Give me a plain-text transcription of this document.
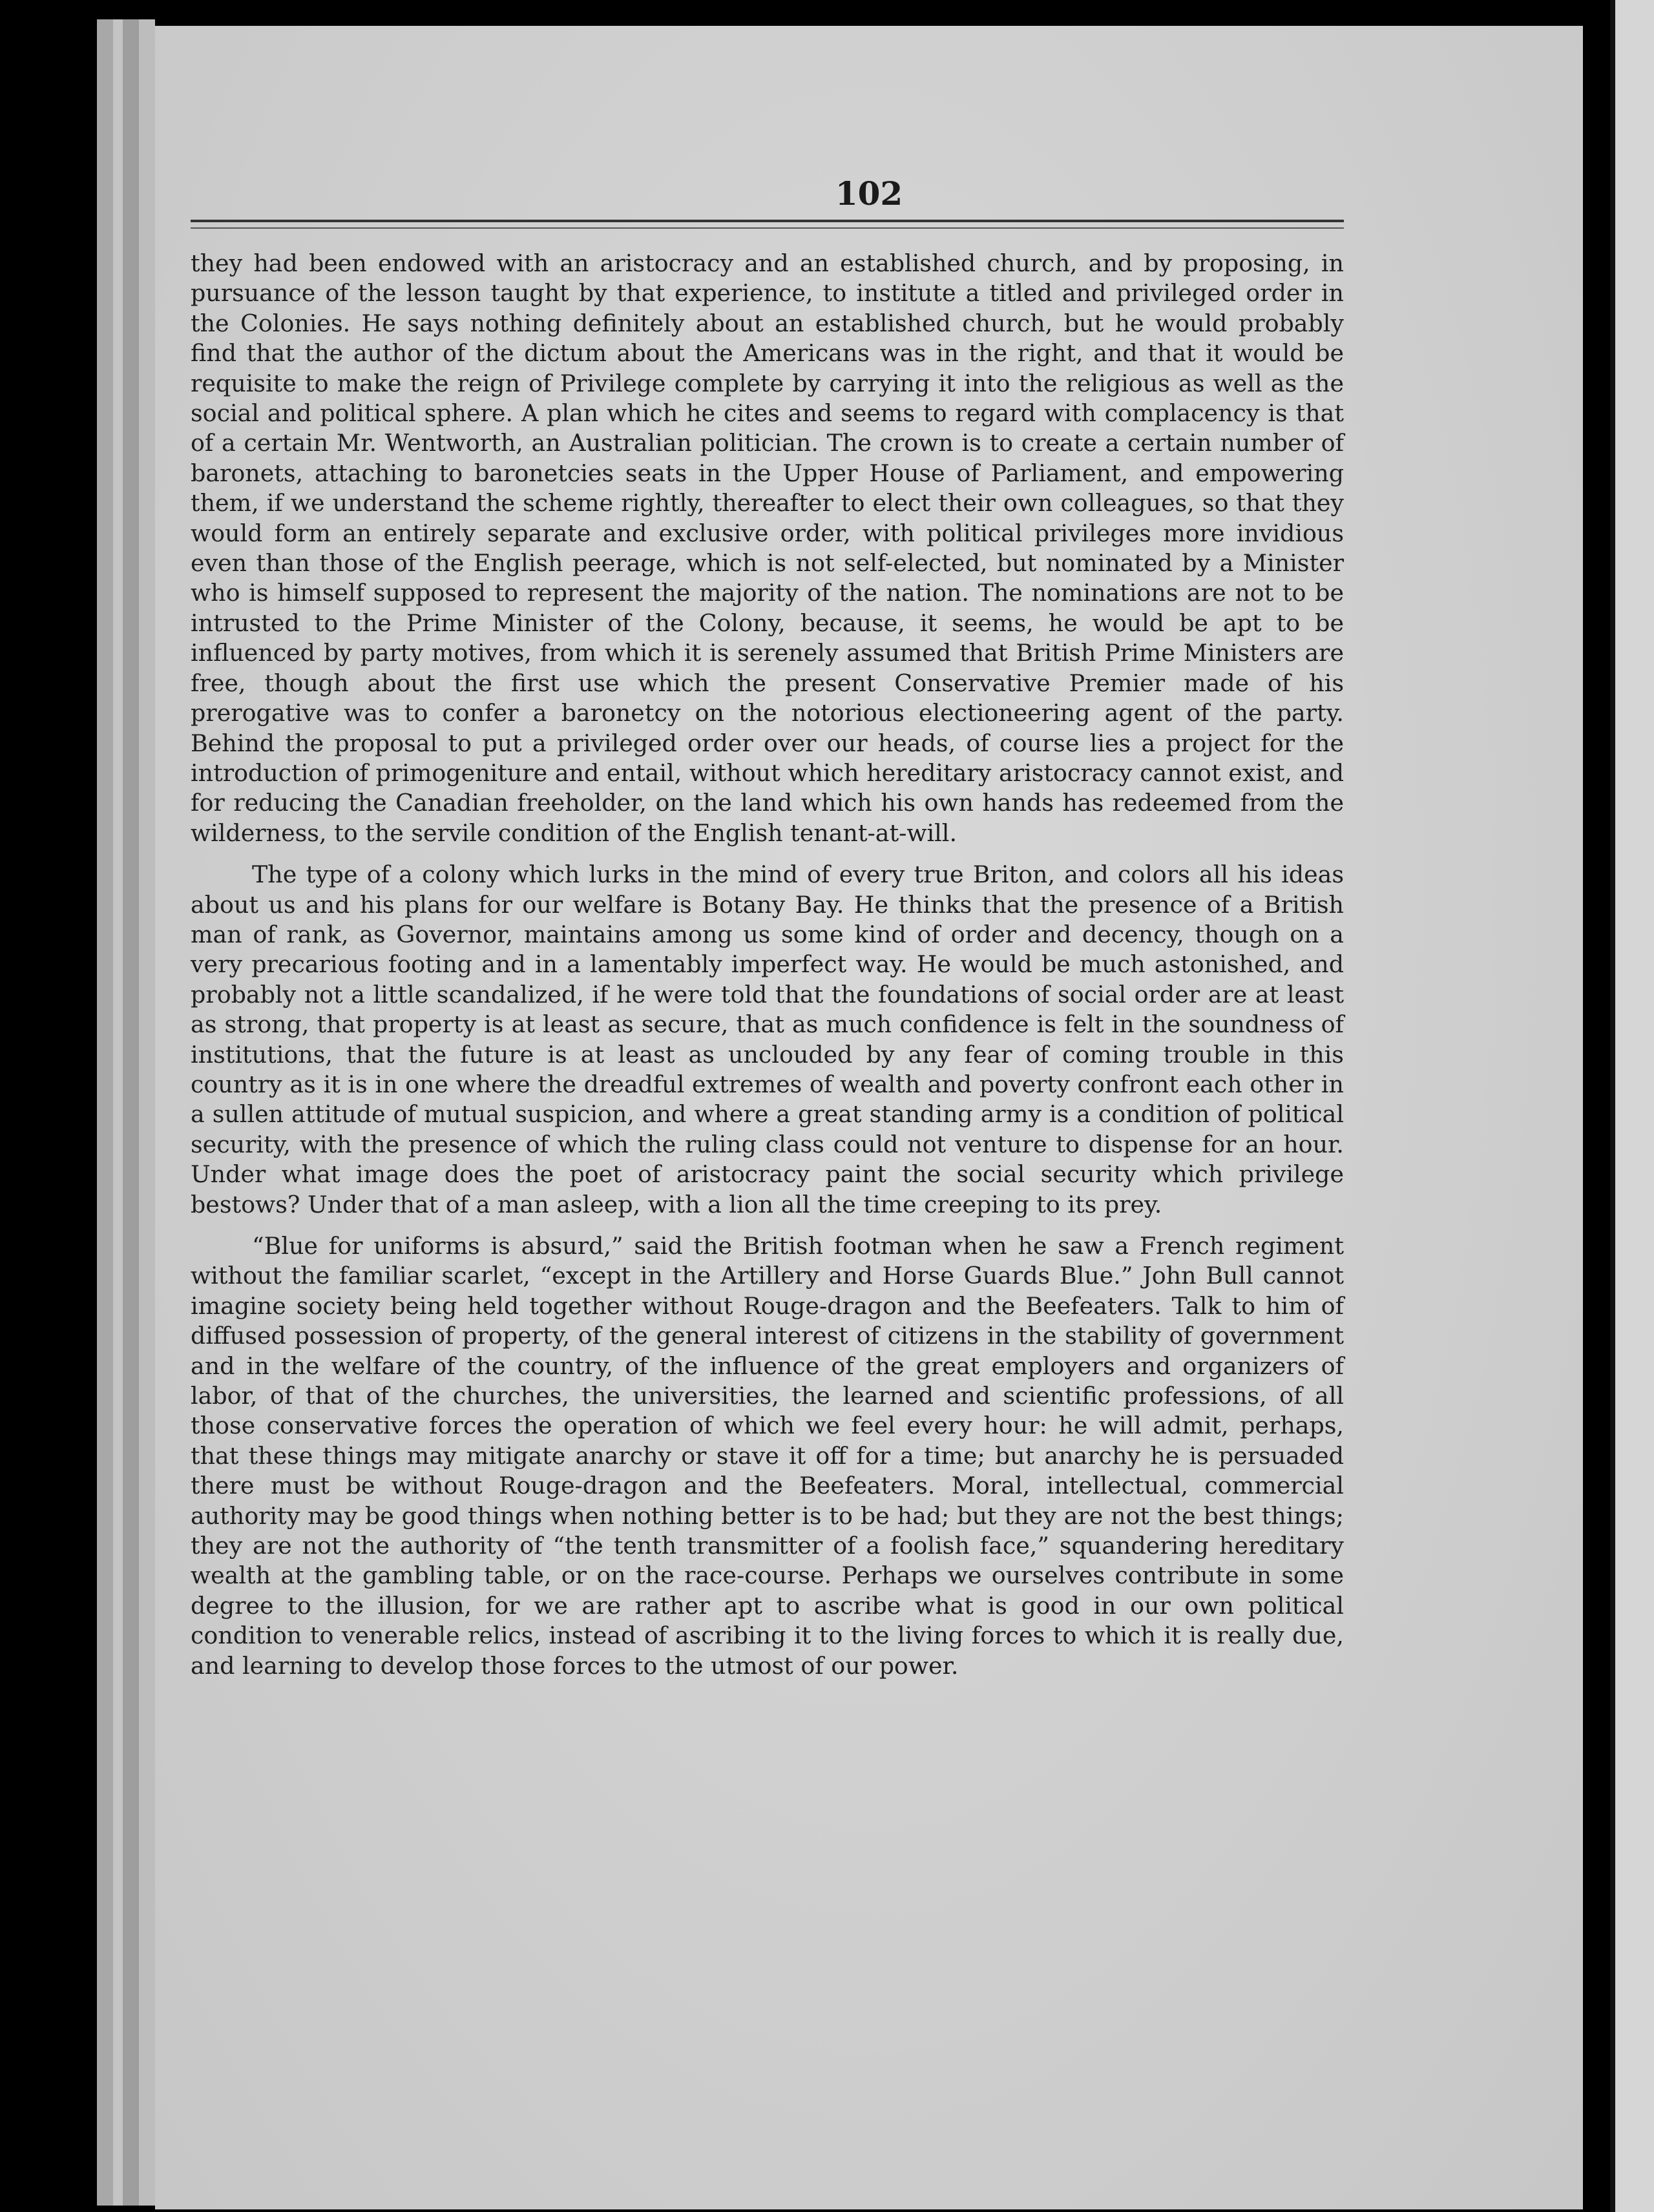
102

they had been endowed with an aristocracy and an established church, and by proposing, in pursuance of the lesson taught by that experience, to institute a titled and privileged order in the Colonies. He says nothing definitely about an established church, but he would probably find that the author of the dictum about the Americans was in the right, and that it would be requisite to make the reign of Privilege complete by carrying it into the religious as well as the social and political sphere. A plan which he cites and seems to regard with complacency is that of a certain Mr. Wentworth, an Australian politician. The crown is to create a certain number of baronets, attaching to baronetcies seats in the Upper House of Parliament, and empowering them, if we understand the scheme rightly, thereafter to elect their own colleagues, so that they would form an entirely separate and exclusive order, with political privileges more invidious even than those of the English peerage, which is not self-elected, but nominated by a Minister who is himself supposed to represent the majority of the nation. The nominations are not to be intrusted to the Prime Minister of the Colony, because, it seems, he would be apt to be influenced by party motives, from which it is serenely assumed that British Prime Ministers are free, though about the first use which the present Conservative Premier made of his prerogative was to confer a baronetcy on the notorious electioneering agent of the party. Behind the proposal to put a privileged order over our heads, of course lies a project for the introduction of primogeniture and entail, without which hereditary aristocracy cannot exist, and for reducing the Canadian freeholder, on the land which his own hands has redeemed from the wilderness, to the servile condition of the English tenant-at-will.

The type of a colony which lurks in the mind of every true Briton, and colors all his ideas about us and his plans for our welfare is Botany Bay. He thinks that the presence of a British man of rank, as Governor, maintains among us some kind of order and decency, though on a very precarious footing and in a lamentably imperfect way. He would be much astonished, and probably not a little scandalized, if he were told that the foundations of social order are at least as strong, that property is at least as secure, that as much confidence is felt in the soundness of institutions, that the future is at least as unclouded by any fear of coming trouble in this country as it is in one where the dreadful extremes of wealth and poverty confront each other in a sullen attitude of mutual suspicion, and where a great standing army is a condition of political security, with the presence of which the ruling class could not venture to dispense for an hour. Under what image does the poet of aristocracy paint the social security which privilege bestows? Under that of a man asleep, with a lion all the time creeping to its prey.

“Blue for uniforms is absurd,” said the British footman when he saw a French regiment without the familiar scarlet, “except in the Artillery and Horse Guards Blue.” John Bull cannot imagine society being held together without Rouge-dragon and the Beefeaters. Talk to him of diffused possession of property, of the general interest of citizens in the stability of government and in the welfare of the country, of the influence of the great employers and organizers of labor, of that of the churches, the universities, the learned and scientific professions, of all those conservative forces the operation of which we feel every hour: he will admit, perhaps, that these things may mitigate anarchy or stave it off for a time; but anarchy he is persuaded there must be without Rouge-dragon and the Beefeaters. Moral, intellectual, commercial authority may be good things when nothing better is to be had; but they are not the best things; they are not the authority of “the tenth transmitter of a foolish face,” squandering hereditary wealth at the gambling table, or on the race-course. Perhaps we ourselves contribute in some degree to the illusion, for we are rather apt to ascribe what is good in our own political condition to venerable relics, instead of ascribing it to the living forces to which it is really due, and learning to develop those forces to the utmost of our power.
